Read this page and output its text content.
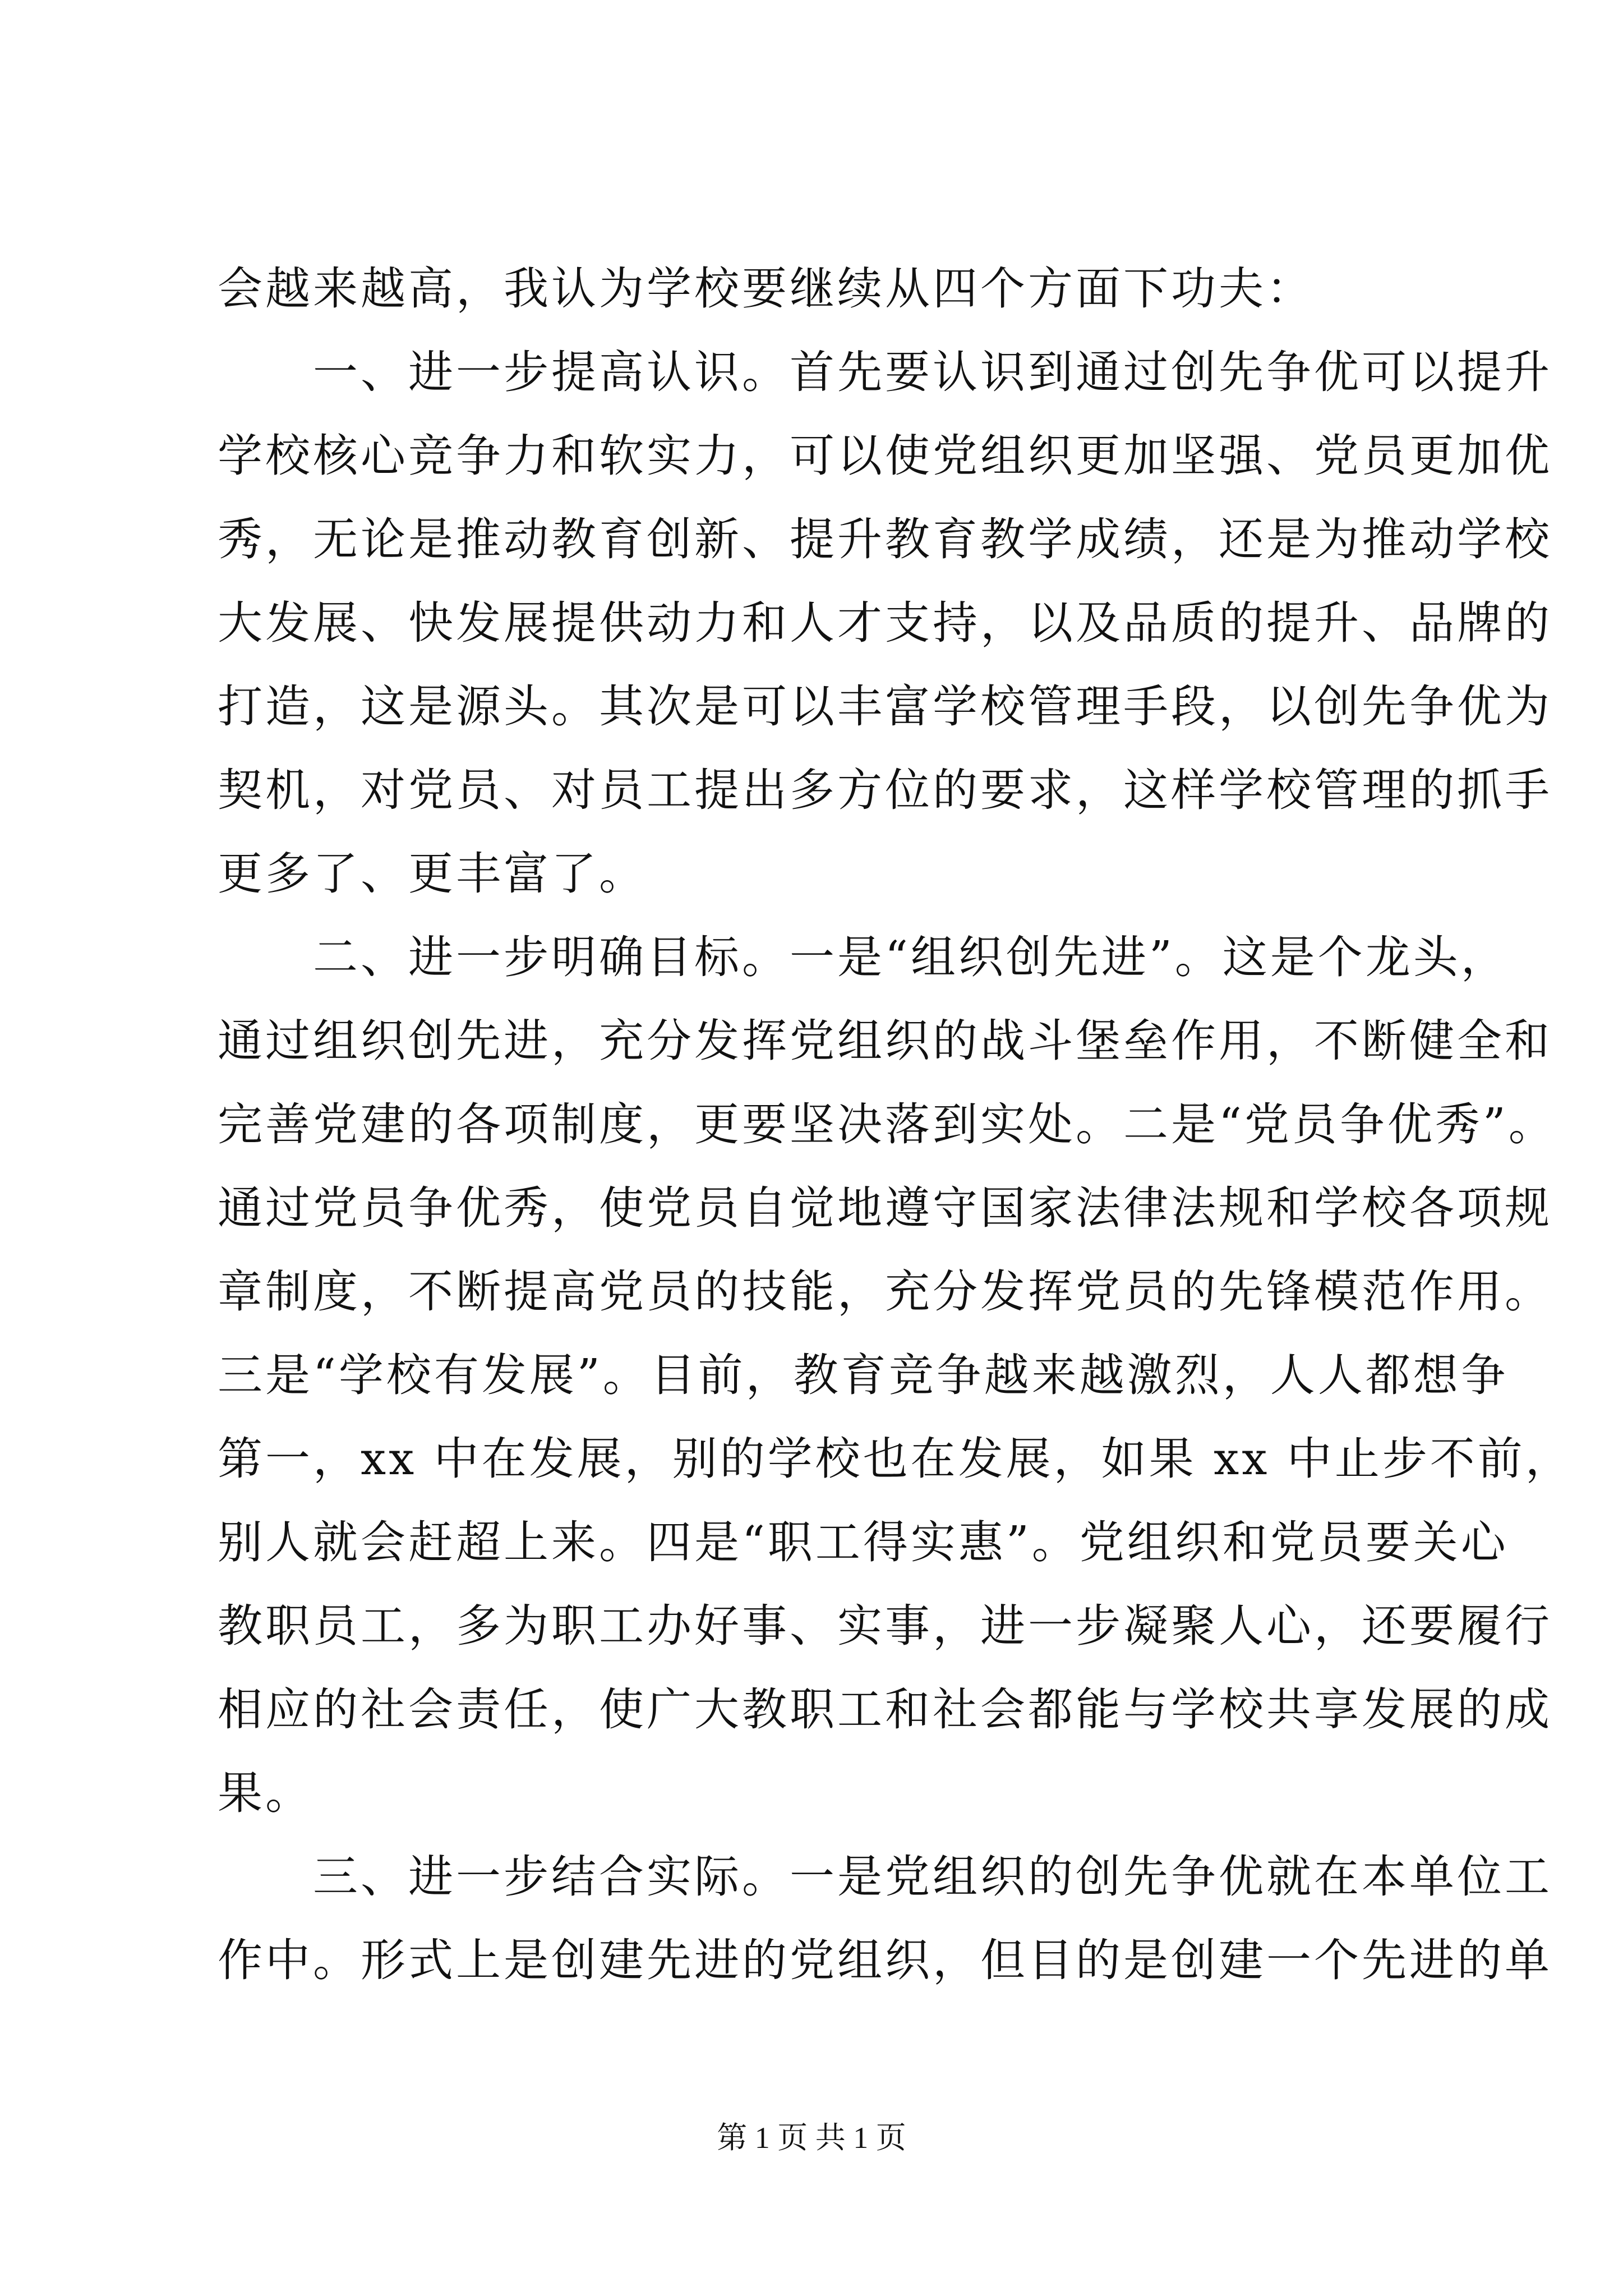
会越来越高，我认为学校要继续从四个方面下功夫：
　　一、进一步提高认识。首先要认识到通过创先争优可以提升
学校核心竞争力和软实力，可以使党组织更加坚强、党员更加优
秀，无论是推动教育创新、提升教育教学成绩，还是为推动学校
大发展、快发展提供动力和人才支持，以及品质的提升、品牌的
打造，这是源头。其次是可以丰富学校管理手段，以创先争优为
契机，对党员、对员工提出多方位的要求，这样学校管理的抓手
更多了、更丰富了。
　　二、进一步明确目标。一是“组织创先进”。这是个龙头，
通过组织创先进，充分发挥党组织的战斗堡垒作用，不断健全和
完善党建的各项制度，更要坚决落到实处。二是“党员争优秀”。
通过党员争优秀，使党员自觉地遵守国家法律法规和学校各项规
章制度，不断提高党员的技能，充分发挥党员的先锋模范作用。
三是“学校有发展”。目前，教育竞争越来越激烈，人人都想争
第一，xx 中在发展，别的学校也在发展，如果 xx 中止步不前，
别人就会赶超上来。四是“职工得实惠”。党组织和党员要关心
教职员工，多为职工办好事、实事，进一步凝聚人心，还要履行
相应的社会责任，使广大教职工和社会都能与学校共享发展的成
果。
　　三、进一步结合实际。一是党组织的创先争优就在本单位工
作中。形式上是创建先进的党组织，但目的是创建一个先进的单
第 1 页 共 1 页
